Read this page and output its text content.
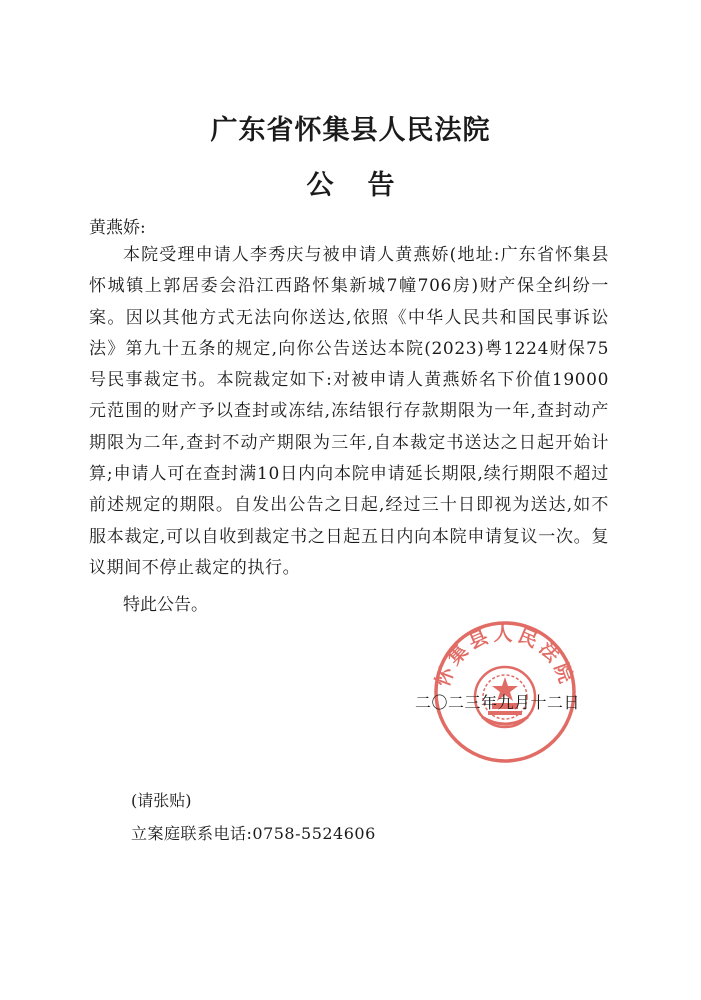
广东省怀集县人民法院
公告
黄燕娇:
本院受理申请人李秀庆与被申请人黄燕娇(地址:广东省怀集县怀城镇上郭居委会沿江西路怀集新城7幢706房)财产保全纠纷一案。因以其他方式无法向你送达,依照《中华人民共和国民事诉讼法》第九十五条的规定,向你公告送达本院(2023)粤1224财保75号民事裁定书。本院裁定如下:对被申请人黄燕娇名下价值19000元范围的财产予以查封或冻结,冻结银行存款期限为一年,查封动产期限为二年,查封不动产期限为三年,自本裁定书送达之日起开始计算;申请人可在查封满10日内向本院申请延长期限,续行期限不超过前述规定的期限。自发出公告之日起,经过三十日即视为送达,如不服本裁定,可以自收到裁定书之日起五日内向本院申请复议一次。复议期间不停止裁定的执行。
特此公告。
怀集县人民法院
二〇二三年九月十二日
(请张贴)
立案庭联系电话:0758-5524606
